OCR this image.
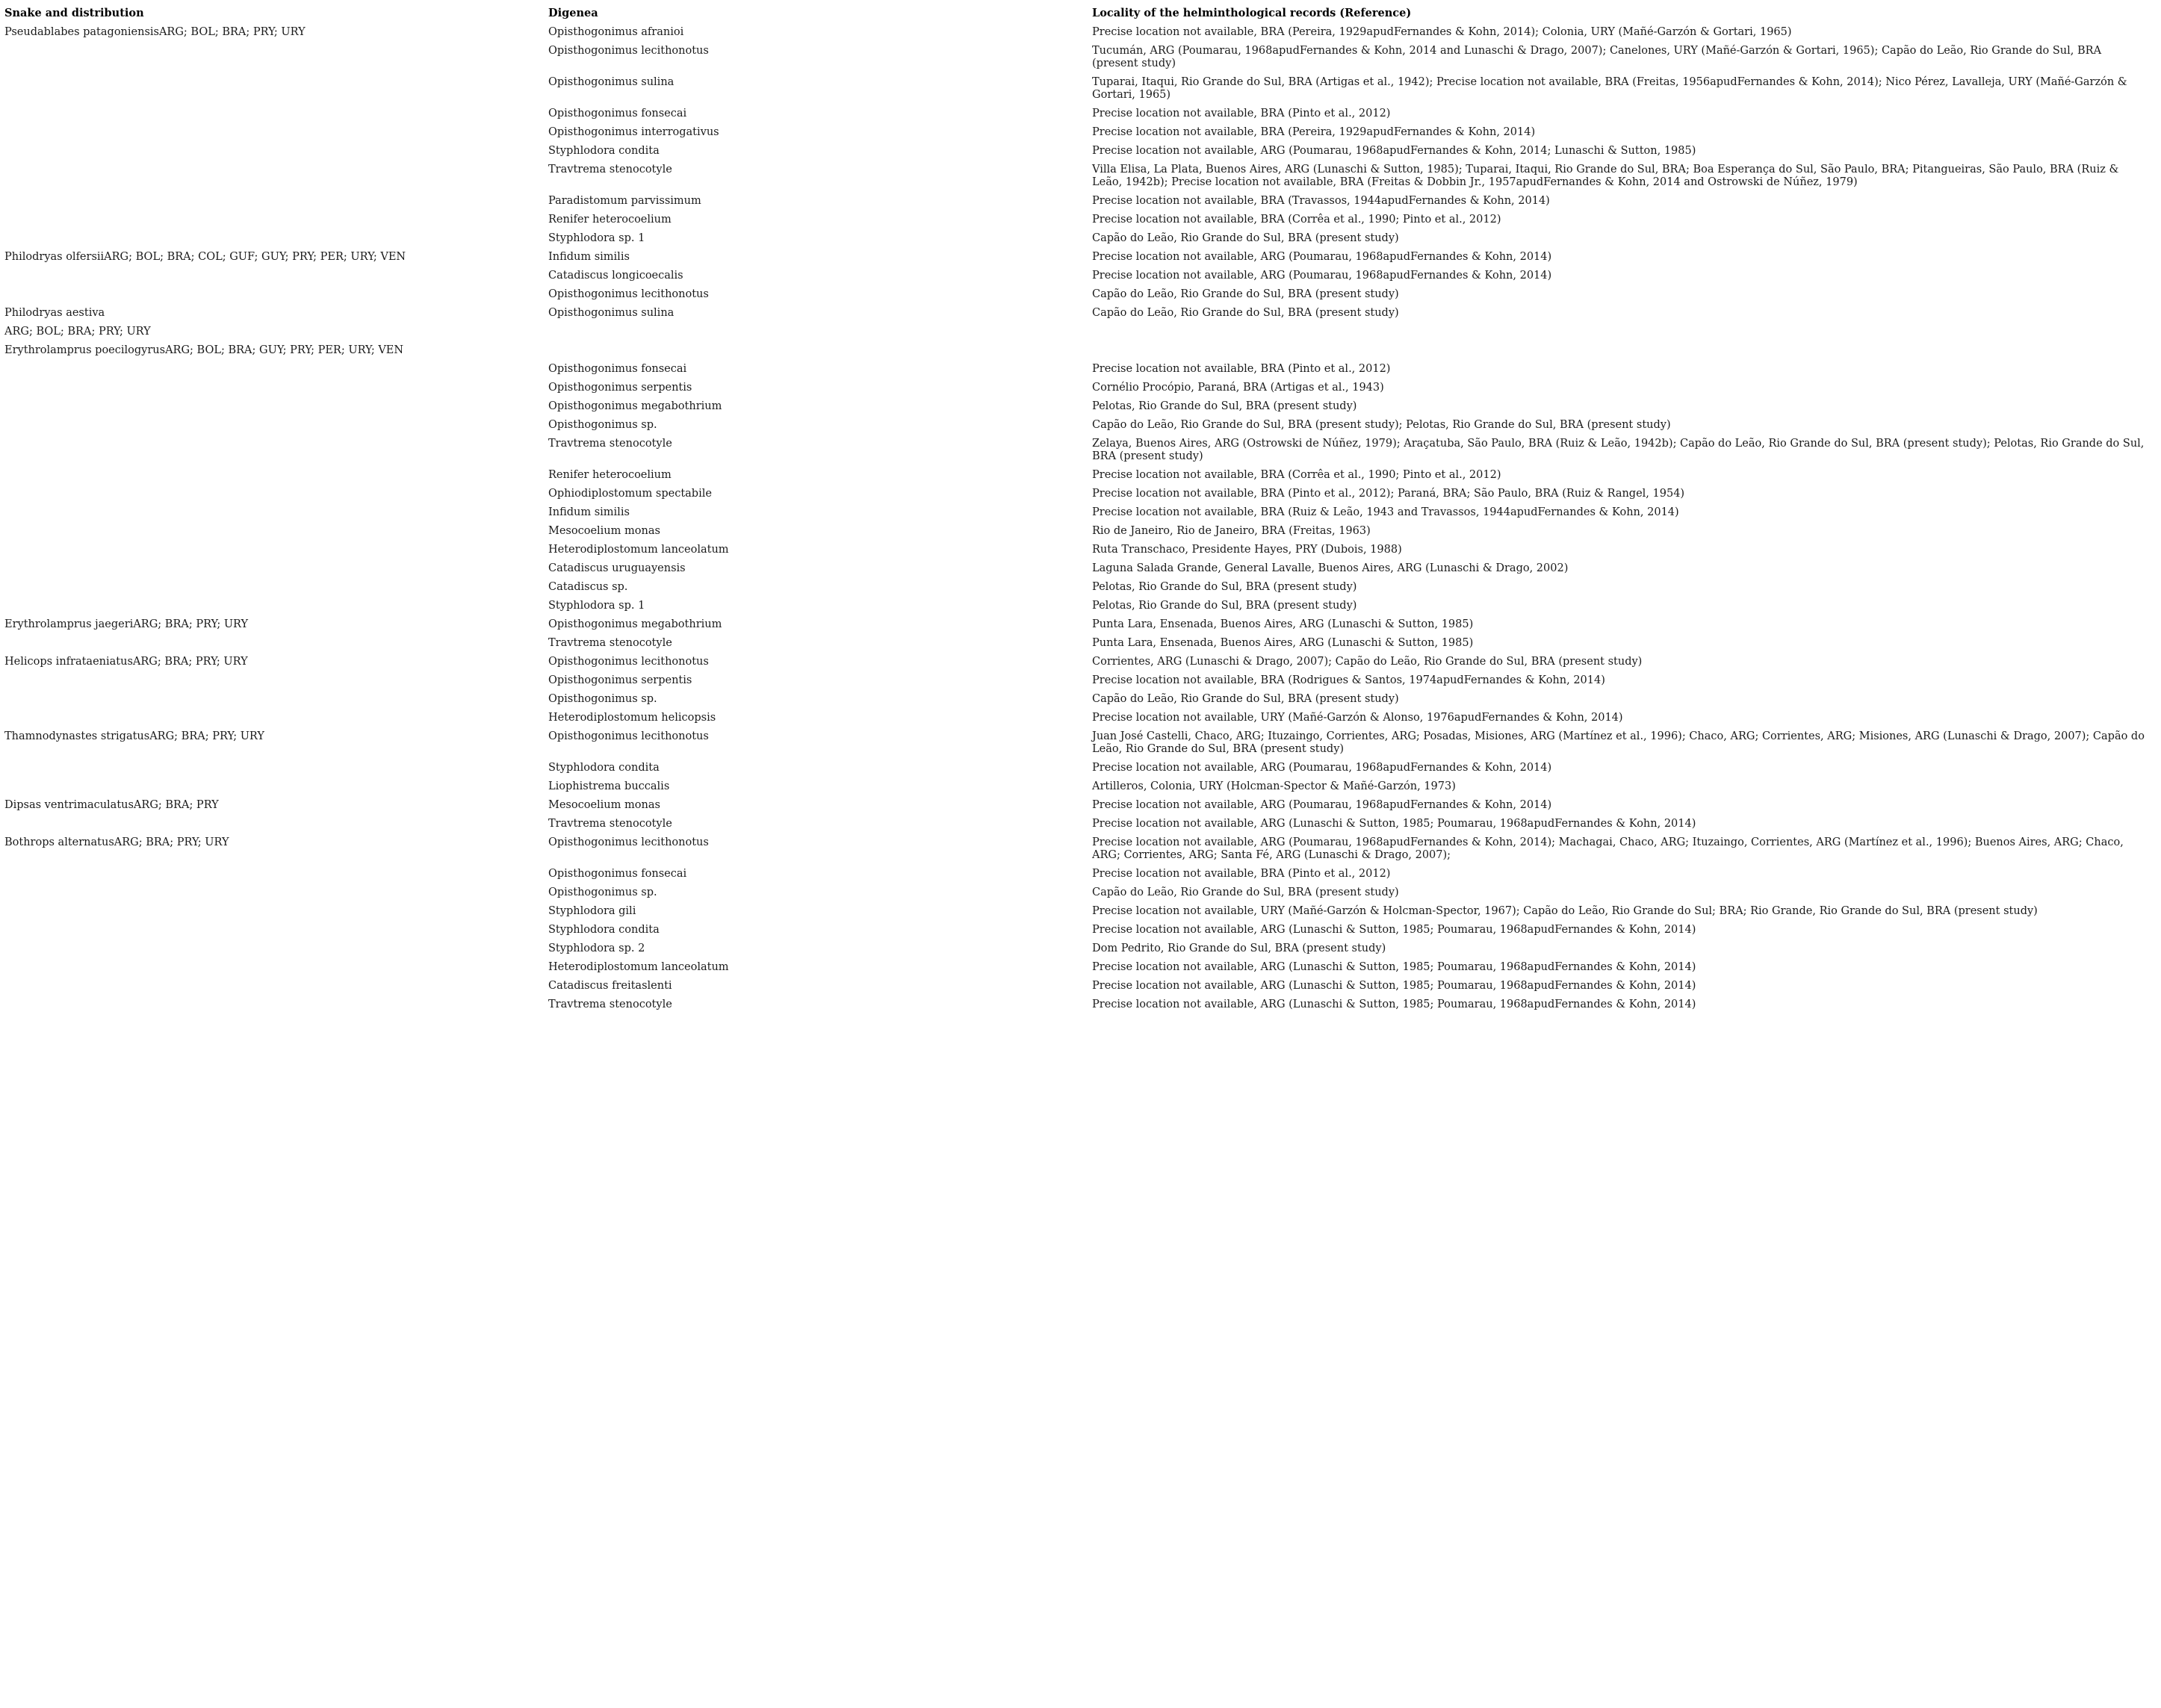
Snake and distribution	Digenea	Locality of the helminthological records (Reference)
Pseudablabes patagoniensisARG; BOL; BRA; PRY; URY	Opisthogonimus afranioi	Precise location not available, BRA (Pereira, 1929apudFernandes & Kohn, 2014); Colonia, URY (Mañé-Garzón & Gortari, 1965)
	Opisthogonimus lecithonotus	Tucumán, ARG (Poumarau, 1968apudFernandes & Kohn, 2014 and Lunaschi & Drago, 2007); Canelones, URY (Mañé-Garzón & Gortari, 1965); Capão do Leão, Rio Grande do Sul, BRA (present study)
	Opisthogonimus sulina	Tuparai, Itaqui, Rio Grande do Sul, BRA (Artigas et al., 1942); Precise location not available, BRA (Freitas, 1956apudFernandes & Kohn, 2014); Nico Pérez, Lavalleja, URY (Mañé-Garzón & Gortari, 1965)
	Opisthogonimus fonsecai	Precise location not available, BRA (Pinto et al., 2012)
	Opisthogonimus interrogativus	Precise location not available, BRA (Pereira, 1929apudFernandes & Kohn, 2014)
	Styphlodora condita	Precise location not available, ARG (Poumarau, 1968apudFernandes & Kohn, 2014; Lunaschi & Sutton, 1985)
	Travtrema stenocotyle	Villa Elisa, La Plata, Buenos Aires, ARG (Lunaschi & Sutton, 1985); Tuparai, Itaqui, Rio Grande do Sul, BRA; Boa Esperança do Sul, São Paulo, BRA; Pitangueiras, São Paulo, BRA (Ruiz & Leão, 1942b); Precise location not available, BRA (Freitas & Dobbin Jr., 1957apudFernandes & Kohn, 2014 and Ostrowski de Núñez, 1979)
	Paradistomum parvissimum	Precise location not available, BRA (Travassos, 1944apudFernandes & Kohn, 2014)
	Renifer heterocoelium	Precise location not available, BRA (Corrêa et al., 1990; Pinto et al., 2012)
	Styphlodora sp. 1	Capão do Leão, Rio Grande do Sul, BRA (present study)
Philodryas olfersiiARG; BOL; BRA; COL; GUF; GUY; PRY; PER; URY; VEN	Infidum similis	Precise location not available, ARG (Poumarau, 1968apudFernandes & Kohn, 2014)
	Catadiscus longicoecalis	Precise location not available, ARG (Poumarau, 1968apudFernandes & Kohn, 2014)
	Opisthogonimus lecithonotus	Capão do Leão, Rio Grande do Sul, BRA (present study)
Philodryas aestiva	Opisthogonimus sulina	Capão do Leão, Rio Grande do Sul, BRA (present study)
ARG; BOL; BRA; PRY; URY		
Erythrolamprus poecilogyrusARG; BOL; BRA; GUY; PRY; PER; URY; VEN		
	Opisthogonimus fonsecai	Precise location not available, BRA (Pinto et al., 2012)
	Opisthogonimus serpentis	Cornélio Procópio, Paraná, BRA (Artigas et al., 1943)
	Opisthogonimus megabothrium	Pelotas, Rio Grande do Sul, BRA (present study)
	Opisthogonimus sp.	Capão do Leão, Rio Grande do Sul, BRA (present study); Pelotas, Rio Grande do Sul, BRA (present study)
	Travtrema stenocotyle	Zelaya, Buenos Aires, ARG (Ostrowski de Núñez, 1979); Araçatuba, São Paulo, BRA (Ruiz & Leão, 1942b); Capão do Leão, Rio Grande do Sul, BRA (present study); Pelotas, Rio Grande do Sul, BRA (present study)
	Renifer heterocoelium	Precise location not available, BRA (Corrêa et al., 1990; Pinto et al., 2012)
	Ophiodiplostomum spectabile	Precise location not available, BRA (Pinto et al., 2012); Paraná, BRA; São Paulo, BRA (Ruiz & Rangel, 1954)
	Infidum similis	Precise location not available, BRA (Ruiz & Leão, 1943 and Travassos, 1944apudFernandes & Kohn, 2014)
	Mesocoelium monas	Rio de Janeiro, Rio de Janeiro, BRA (Freitas, 1963)
	Heterodiplostomum lanceolatum	Ruta Transchaco, Presidente Hayes, PRY (Dubois, 1988)
	Catadiscus uruguayensis	Laguna Salada Grande, General Lavalle, Buenos Aires, ARG (Lunaschi & Drago, 2002)
	Catadiscus sp.	Pelotas, Rio Grande do Sul, BRA (present study)
	Styphlodora sp. 1	Pelotas, Rio Grande do Sul, BRA (present study)
Erythrolamprus jaegeriARG; BRA; PRY; URY	Opisthogonimus megabothrium	Punta Lara, Ensenada, Buenos Aires, ARG (Lunaschi & Sutton, 1985)
	Travtrema stenocotyle	Punta Lara, Ensenada, Buenos Aires, ARG (Lunaschi & Sutton, 1985)
Helicops infrataeniatusARG; BRA; PRY; URY	Opisthogonimus lecithonotus	Corrientes, ARG (Lunaschi & Drago, 2007); Capão do Leão, Rio Grande do Sul, BRA (present study)
	Opisthogonimus serpentis	Precise location not available, BRA (Rodrigues & Santos, 1974apudFernandes & Kohn, 2014)
	Opisthogonimus sp.	Capão do Leão, Rio Grande do Sul, BRA (present study)
	Heterodiplostomum helicopsis	Precise location not available, URY (Mañé-Garzón & Alonso, 1976apudFernandes & Kohn, 2014)
Thamnodynastes strigatusARG; BRA; PRY; URY	Opisthogonimus lecithonotus	Juan José Castelli, Chaco, ARG; Ituzaingo, Corrientes, ARG; Posadas, Misiones, ARG (Martínez et al., 1996); Chaco, ARG; Corrientes, ARG; Misiones, ARG (Lunaschi & Drago, 2007); Capão do Leão, Rio Grande do Sul, BRA (present study)
	Styphlodora condita	Precise location not available, ARG (Poumarau, 1968apudFernandes & Kohn, 2014)
	Liophistrema buccalis	Artilleros, Colonia, URY (Holcman-Spector & Mañé-Garzón, 1973)
Dipsas ventrimaculatusARG; BRA; PRY	Mesocoelium monas	Precise location not available, ARG (Poumarau, 1968apudFernandes & Kohn, 2014)
	Travtrema stenocotyle	Precise location not available, ARG (Lunaschi & Sutton, 1985; Poumarau, 1968apudFernandes & Kohn, 2014)
Bothrops alternatusARG; BRA; PRY; URY	Opisthogonimus lecithonotus	Precise location not available, ARG (Poumarau, 1968apudFernandes & Kohn, 2014); Machagai, Chaco, ARG; Ituzaingo, Corrientes, ARG (Martínez et al., 1996); Buenos Aires, ARG; Chaco, ARG; Corrientes, ARG; Santa Fé, ARG (Lunaschi & Drago, 2007);
	Opisthogonimus fonsecai	Precise location not available, BRA (Pinto et al., 2012)
	Opisthogonimus sp.	Capão do Leão, Rio Grande do Sul, BRA (present study)
	Styphlodora gili	Precise location not available, URY (Mañé-Garzón & Holcman-Spector, 1967); Capão do Leão, Rio Grande do Sul; BRA; Rio Grande, Rio Grande do Sul, BRA (present study)
	Styphlodora condita	Precise location not available, ARG (Lunaschi & Sutton, 1985; Poumarau, 1968apudFernandes & Kohn, 2014)
	Styphlodora sp. 2	Dom Pedrito, Rio Grande do Sul, BRA (present study)
	Heterodiplostomum lanceolatum	Precise location not available, ARG (Lunaschi & Sutton, 1985; Poumarau, 1968apudFernandes & Kohn, 2014)
	Catadiscus freitaslenti	Precise location not available, ARG (Lunaschi & Sutton, 1985; Poumarau, 1968apudFernandes & Kohn, 2014)
	Travtrema stenocotyle	Precise location not available, ARG (Lunaschi & Sutton, 1985; Poumarau, 1968apudFernandes & Kohn, 2014)
